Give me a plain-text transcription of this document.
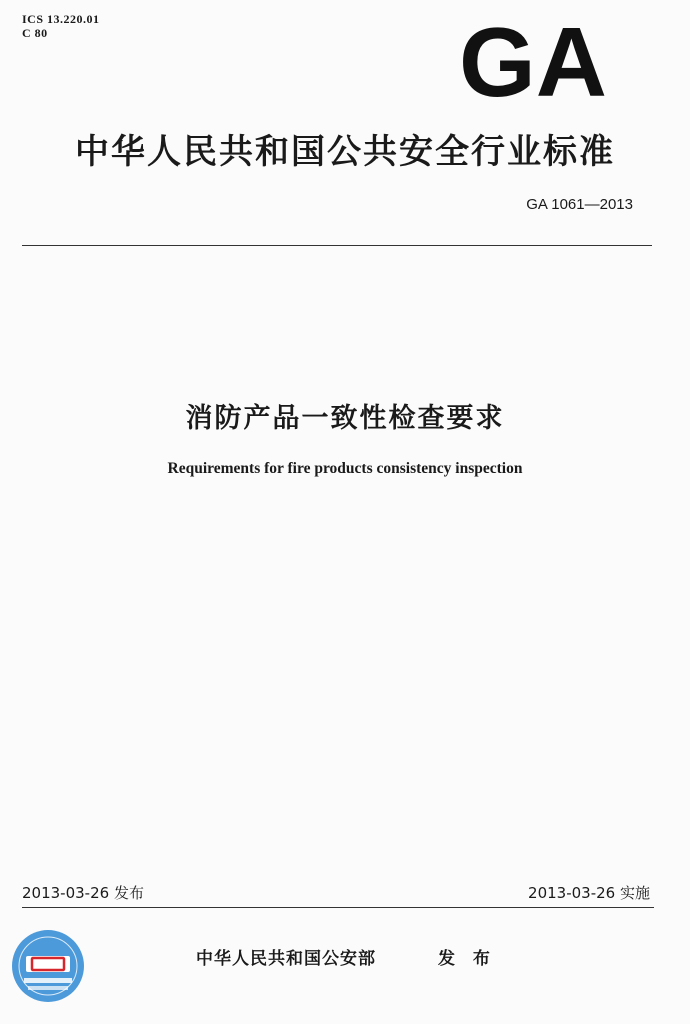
ICS 13.220.01
C 80	GA
中华人民共和国公共安全行业标准
GA 1061—2013
消防产品一致性检查要求
Requirements for fire products consistency inspection
2013-03-26 发布	2013-03-26 实施
中华人民共和国公安部	发 布
